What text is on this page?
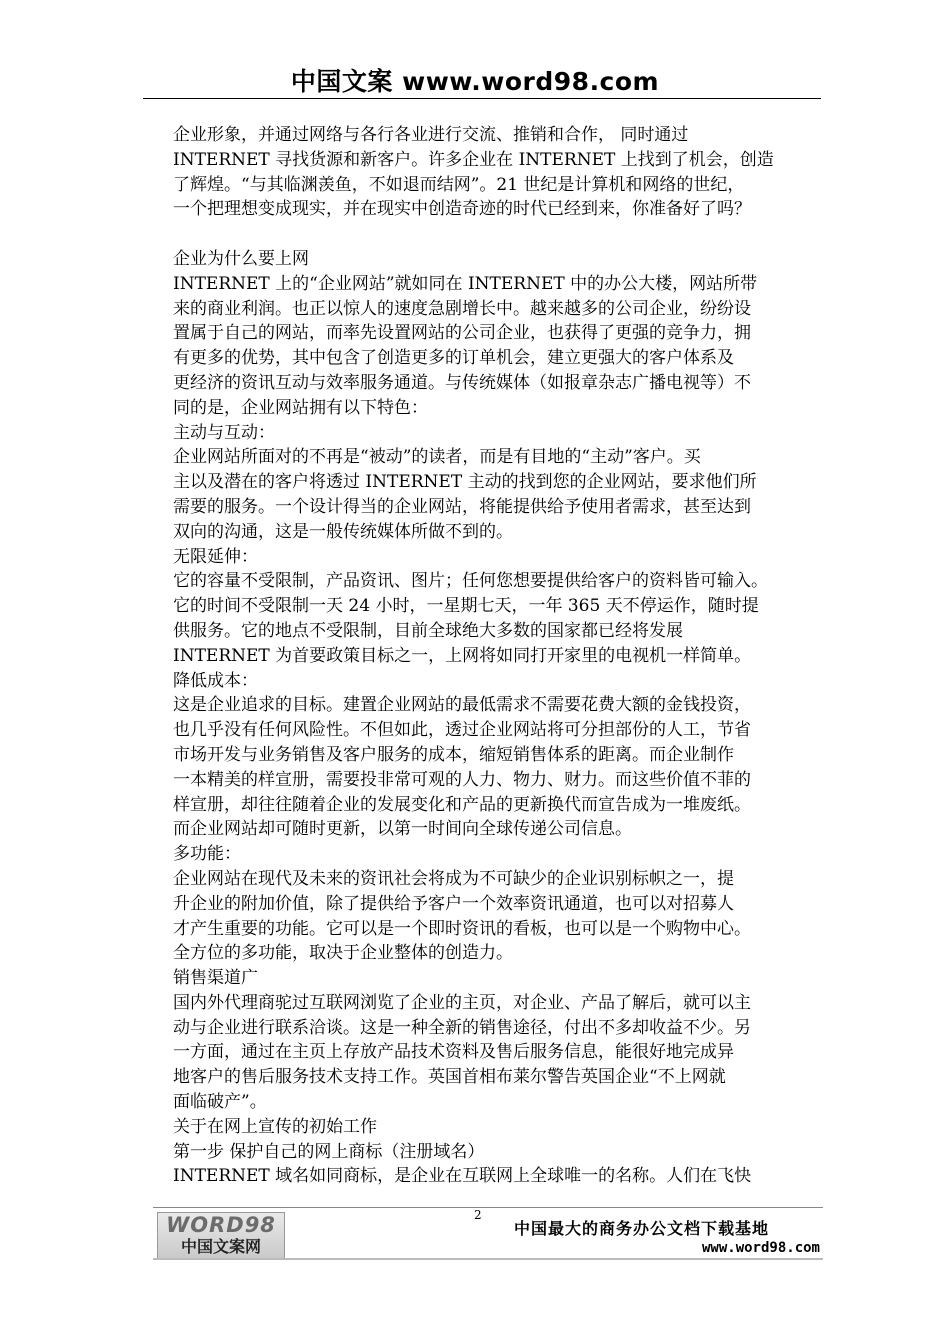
中国文案 www.word98.com
企业形象，并通过网络与各行各业进行交流、推销和合作， 同时通过
INTERNET 寻找货源和新客户。许多企业在 INTERNET 上找到了机会，创造
了辉煌。“与其临渊羡鱼，不如退而结网”。21 世纪是计算机和网络的世纪，
一个把理想变成现实，并在现实中创造奇迹的时代已经到来，你准备好了吗？
企业为什么要上网
INTERNET 上的“企业网站”就如同在 INTERNET 中的办公大楼，网站所带
来的商业利润。也正以惊人的速度急剧增长中。越来越多的公司企业，纷纷设
置属于自己的网站，而率先设置网站的公司企业，也获得了更强的竞争力，拥
有更多的优势，其中包含了创造更多的订单机会，建立更强大的客户体系及
更经济的资讯互动与效率服务通道。与传统媒体（如报章杂志广播电视等）不
同的是，企业网站拥有以下特色：
主动与互动：
企业网站所面对的不再是“被动”的读者，而是有目地的“主动”客户。买
主以及潜在的客户将透过 INTERNET 主动的找到您的企业网站，要求他们所
需要的服务。一个设计得当的企业网站，将能提供给予使用者需求，甚至达到
双向的沟通，这是一般传统媒体所做不到的。
无限延伸：
它的容量不受限制，产品资讯、图片；任何您想要提供给客户的资料皆可输入。
它的时间不受限制一天 24 小时，一星期七天，一年 365 天不停运作，随时提
供服务。它的地点不受限制，目前全球绝大多数的国家都已经将发展
INTERNET 为首要政策目标之一，上网将如同打开家里的电视机一样简单。
降低成本：
这是企业追求的目标。建置企业网站的最低需求不需要花费大额的金钱投资，
也几乎没有任何风险性。不但如此，透过企业网站将可分担部份的人工，节省
市场开发与业务销售及客户服务的成本，缩短销售体系的距离。而企业制作
一本精美的样宣册，需要投非常可观的人力、物力、财力。而这些价值不菲的
样宣册，却往往随着企业的发展变化和产品的更新换代而宣告成为一堆废纸。
而企业网站却可随时更新，以第一时间向全球传递公司信息。
多功能：
企业网站在现代及未来的资讯社会将成为不可缺少的企业识别标帜之一，提
升企业的附加价值，除了提供给予客户一个效率资讯通道，也可以对招募人
才产生重要的功能。它可以是一个即时资讯的看板，也可以是一个购物中心。
全方位的多功能，取决于企业整体的创造力。
销售渠道广
国内外代理商驼过互联网浏览了企业的主页，对企业、产品了解后，就可以主
动与企业进行联系洽谈。这是一种全新的销售途径，付出不多却收益不少。另
一方面，通过在主页上存放产品技术资料及售后服务信息，能很好地完成异
地客户的售后服务技术支持工作。英国首相布莱尔警告英国企业“不上网就
面临破产”。
关于在网上宣传的初始工作
第一步 保护自己的网上商标（注册域名）
INTERNET 域名如同商标，是企业在互联网上全球唯一的名称。人们在飞快
2
WORD98
中国文案网
中国最大的商务办公文档下载基地
www.word98.com
